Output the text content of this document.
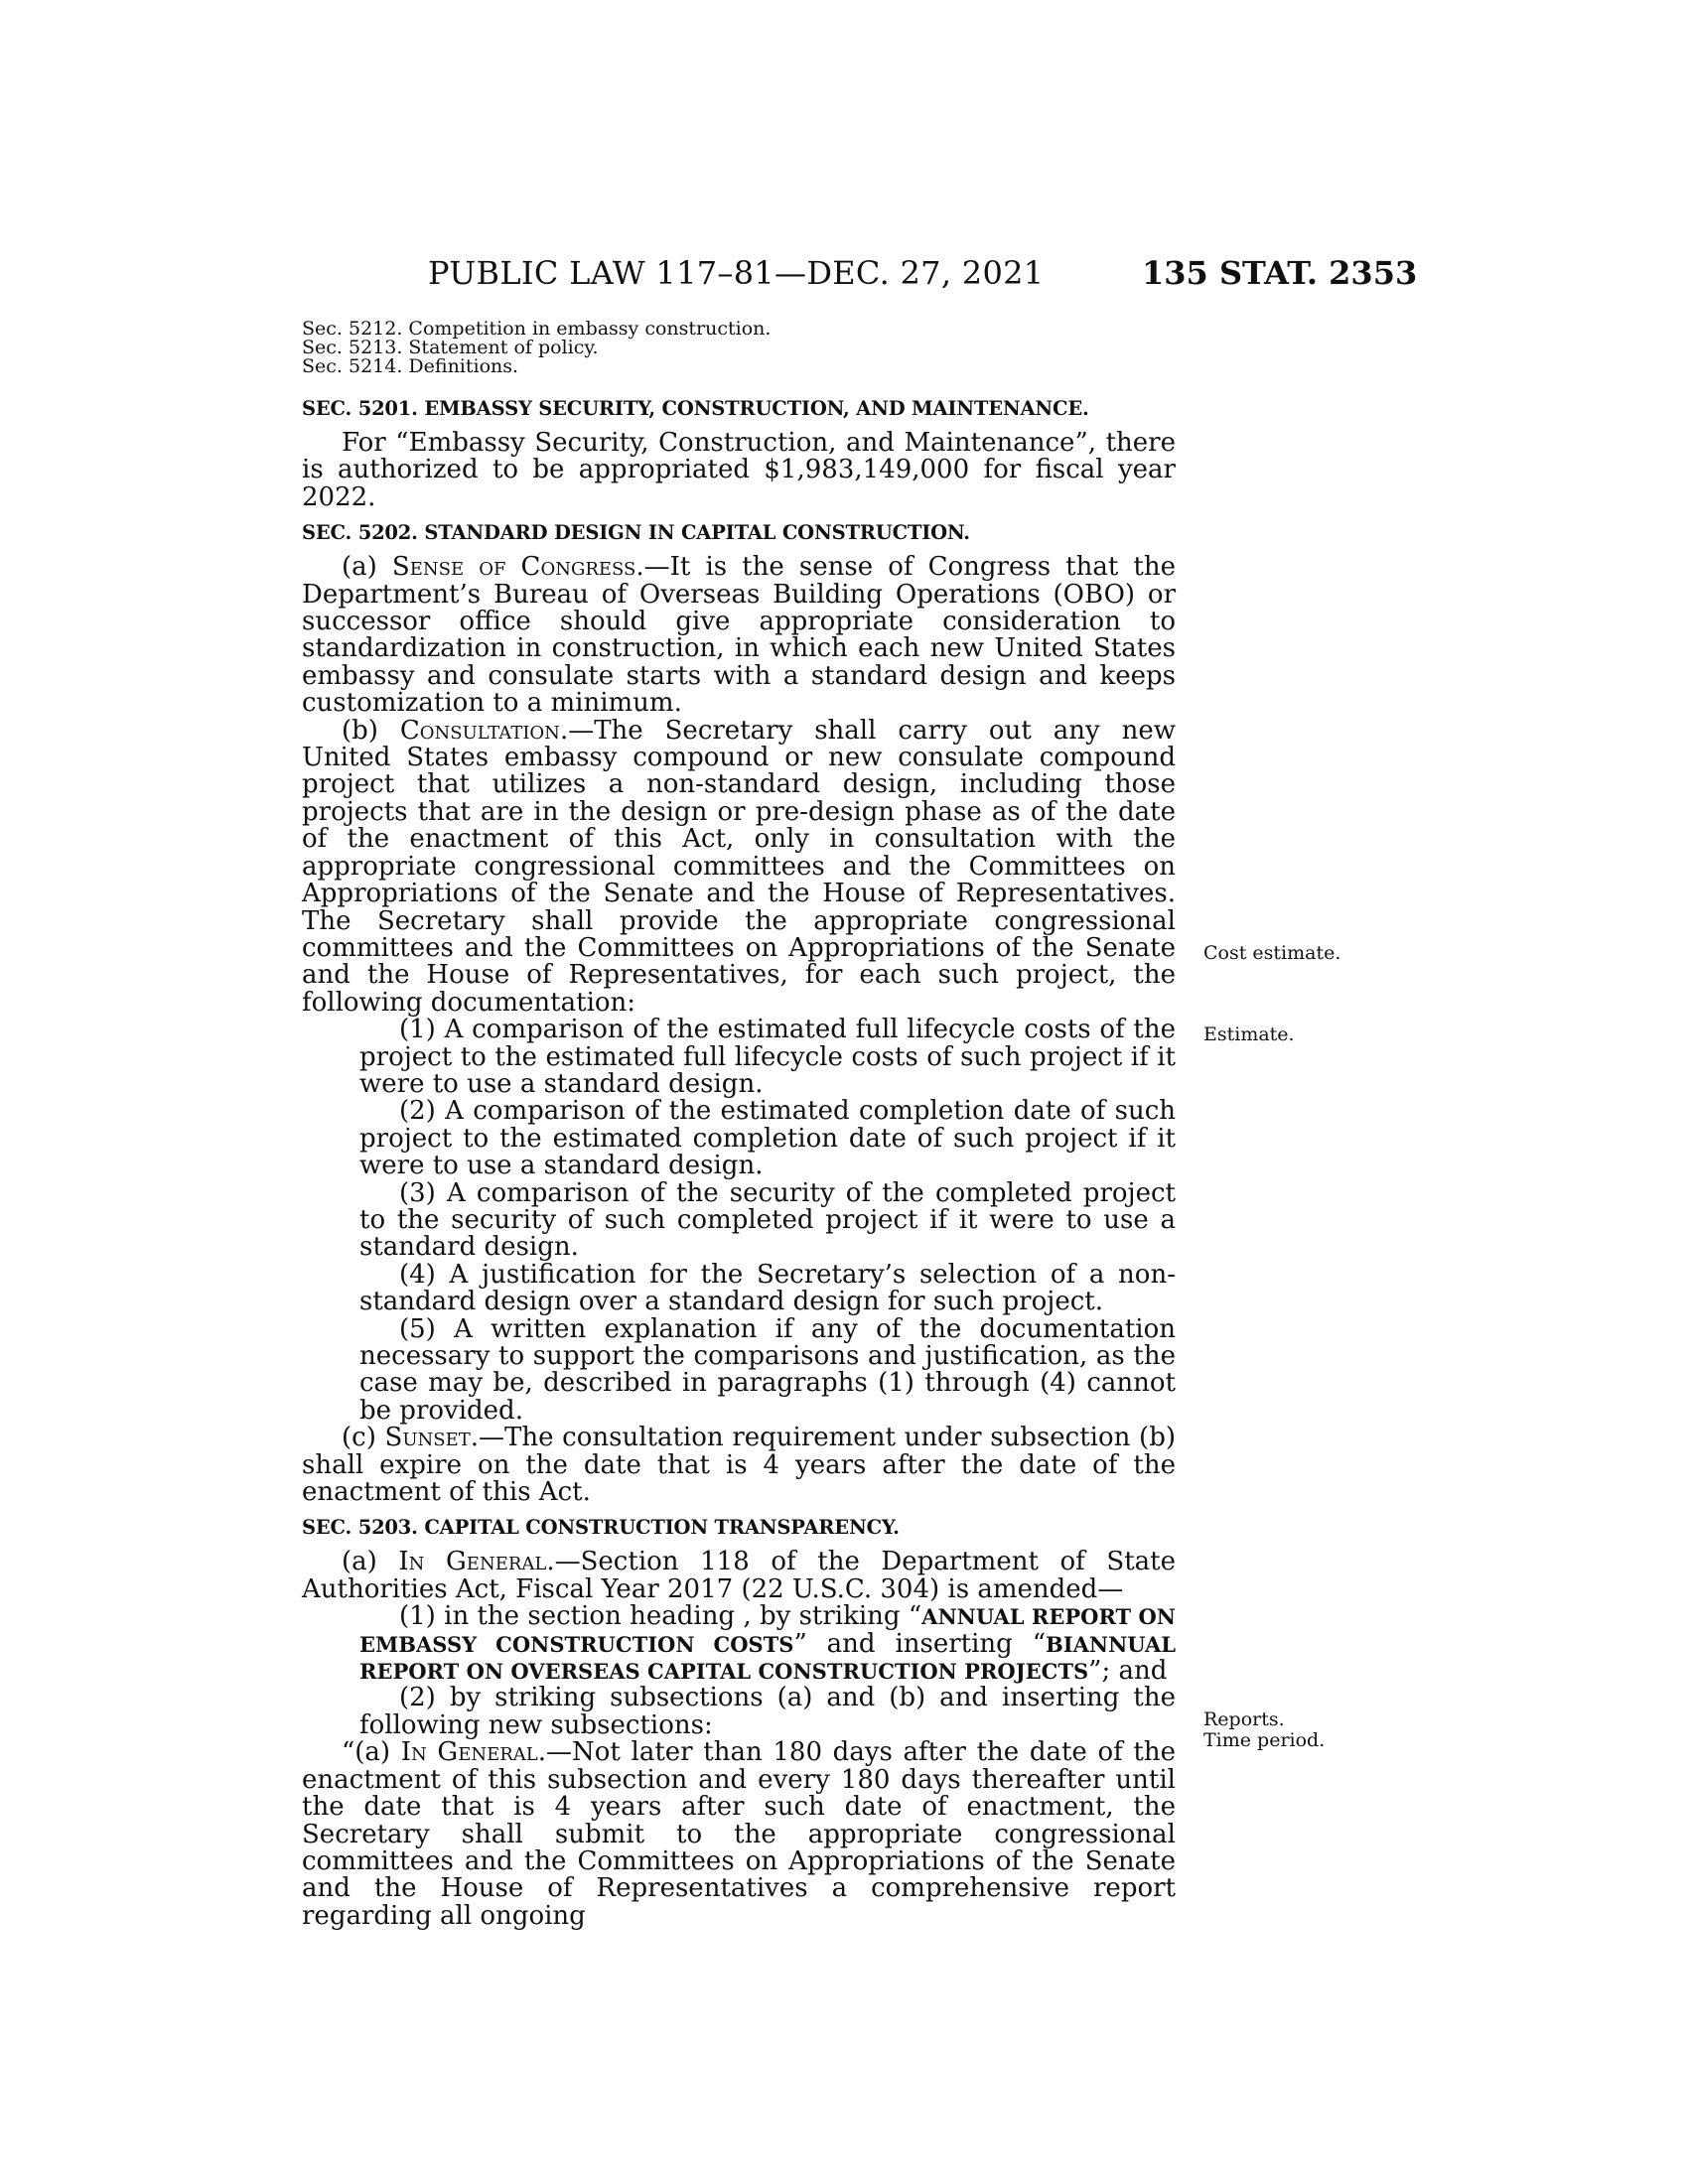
PUBLIC LAW 117–81—DEC. 27, 2021	135 STAT. 2353
Sec. 5212. Competition in embassy construction.
Sec. 5213. Statement of policy.
Sec. 5214. Definitions.

SEC. 5201. EMBASSY SECURITY, CONSTRUCTION, AND MAINTENANCE.

For “Embassy Security, Construction, and Maintenance”, there is authorized to be appropriated $1,983,149,000 for fiscal year 2022.

SEC. 5202. STANDARD DESIGN IN CAPITAL CONSTRUCTION.

(a) Sense of Congress.—It is the sense of Congress that the Department’s Bureau of Overseas Building Operations (OBO) or successor office should give appropriate consideration to standardization in construction, in which each new United States embassy and consulate starts with a standard design and keeps customization to a minimum.

(b) Consultation.—The Secretary shall carry out any new United States embassy compound or new consulate compound project that utilizes a non-standard design, including those projects that are in the design or pre-design phase as of the date of the enactment of this Act, only in consultation with the appropriate congressional committees and the Committees on Appropriations of the Senate and the House of Representatives. The Secretary shall provide the appropriate congressional committees and the Committees on Appropriations of the Senate and the House of Representatives, for each such project, the following documentation:

(1) A comparison of the estimated full lifecycle costs of the project to the estimated full lifecycle costs of such project if it were to use a standard design.

(2) A comparison of the estimated completion date of such project to the estimated completion date of such project if it were to use a standard design.

(3) A comparison of the security of the completed project to the security of such completed project if it were to use a standard design.

(4) A justification for the Secretary’s selection of a non-standard design over a standard design for such project.

(5) A written explanation if any of the documentation necessary to support the comparisons and justification, as the case may be, described in paragraphs (1) through (4) cannot be provided.

(c) Sunset.—The consultation requirement under subsection (b) shall expire on the date that is 4 years after the date of the enactment of this Act.

SEC. 5203. CAPITAL CONSTRUCTION TRANSPARENCY.

(a) In General.—Section 118 of the Department of State Authorities Act, Fiscal Year 2017 (22 U.S.C. 304) is amended—

(1) in the section heading , by striking “ANNUAL REPORT ON EMBASSY CONSTRUCTION COSTS” and inserting “BIANNUAL REPORT ON OVERSEAS CAPITAL CONSTRUCTION PROJECTS”; and

(2) by striking subsections (a) and (b) and inserting the following new subsections:

“(a) In General.—Not later than 180 days after the date of the enactment of this subsection and every 180 days thereafter until the date that is 4 years after such date of enactment, the Secretary shall submit to the appropriate congressional committees and the Committees on Appropriations of the Senate and the House of Representatives a comprehensive report regarding all ongoing

Cost estimate.
Estimate.
Reports.
Time period.
